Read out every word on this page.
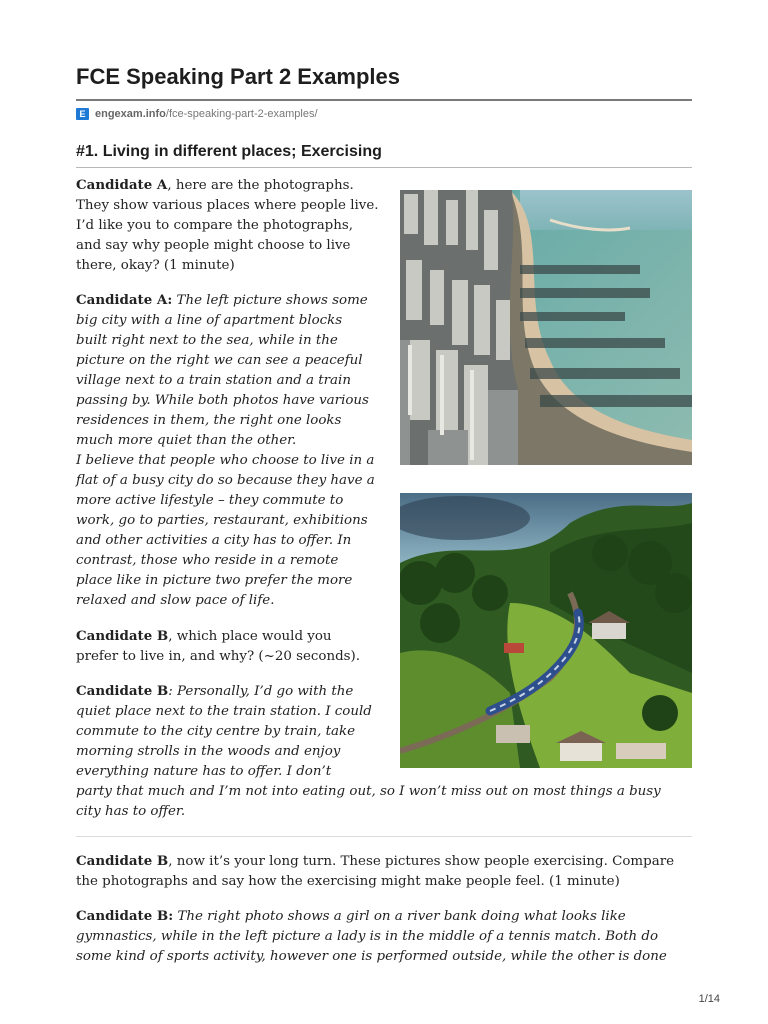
FCE Speaking Part 2 Examples
E engexam.info /fce-speaking-part-2-examples/
#1. Living in different places; Exercising

Candidate A, here are the photographs.
They show various places where people live.
I’d like you to compare the photographs,
and say why people might choose to live
there, okay? (1 minute)

Candidate A: The left picture shows some
big city with a line of apartment blocks
built right next to the sea, while in the
picture on the right we can see a peaceful
village next to a train station and a train
passing by. While both photos have various
residences in them, the right one looks
much more quiet than the other.
I believe that people who choose to live in a
flat of a busy city do so because they have a
more active lifestyle – they commute to
work, go to parties, restaurant, exhibitions
and other activities a city has to offer. In
contrast, those who reside in a remote
place like in picture two prefer the more
relaxed and slow pace of life.

Candidate B, which place would you
prefer to live in, and why? (~20 seconds).

Candidate B: Personally, I’d go with the
quiet place next to the train station. I could
commute to the city centre by train, take
morning strolls in the woods and enjoy
everything nature has to offer. I don’t
party that much and I’m not into eating out, so I won’t miss out on most things a busy
city has to offer.

Candidate B, now it’s your long turn. These pictures show people exercising. Compare
the photographs and say how the exercising might make people feel. (1 minute)

Candidate B: The right photo shows a girl on a river bank doing what looks like
gymnastics, while in the left picture a lady is in the middle of a tennis match. Both do
some kind of sports activity, however one is performed outside, while the other is done

1/14
